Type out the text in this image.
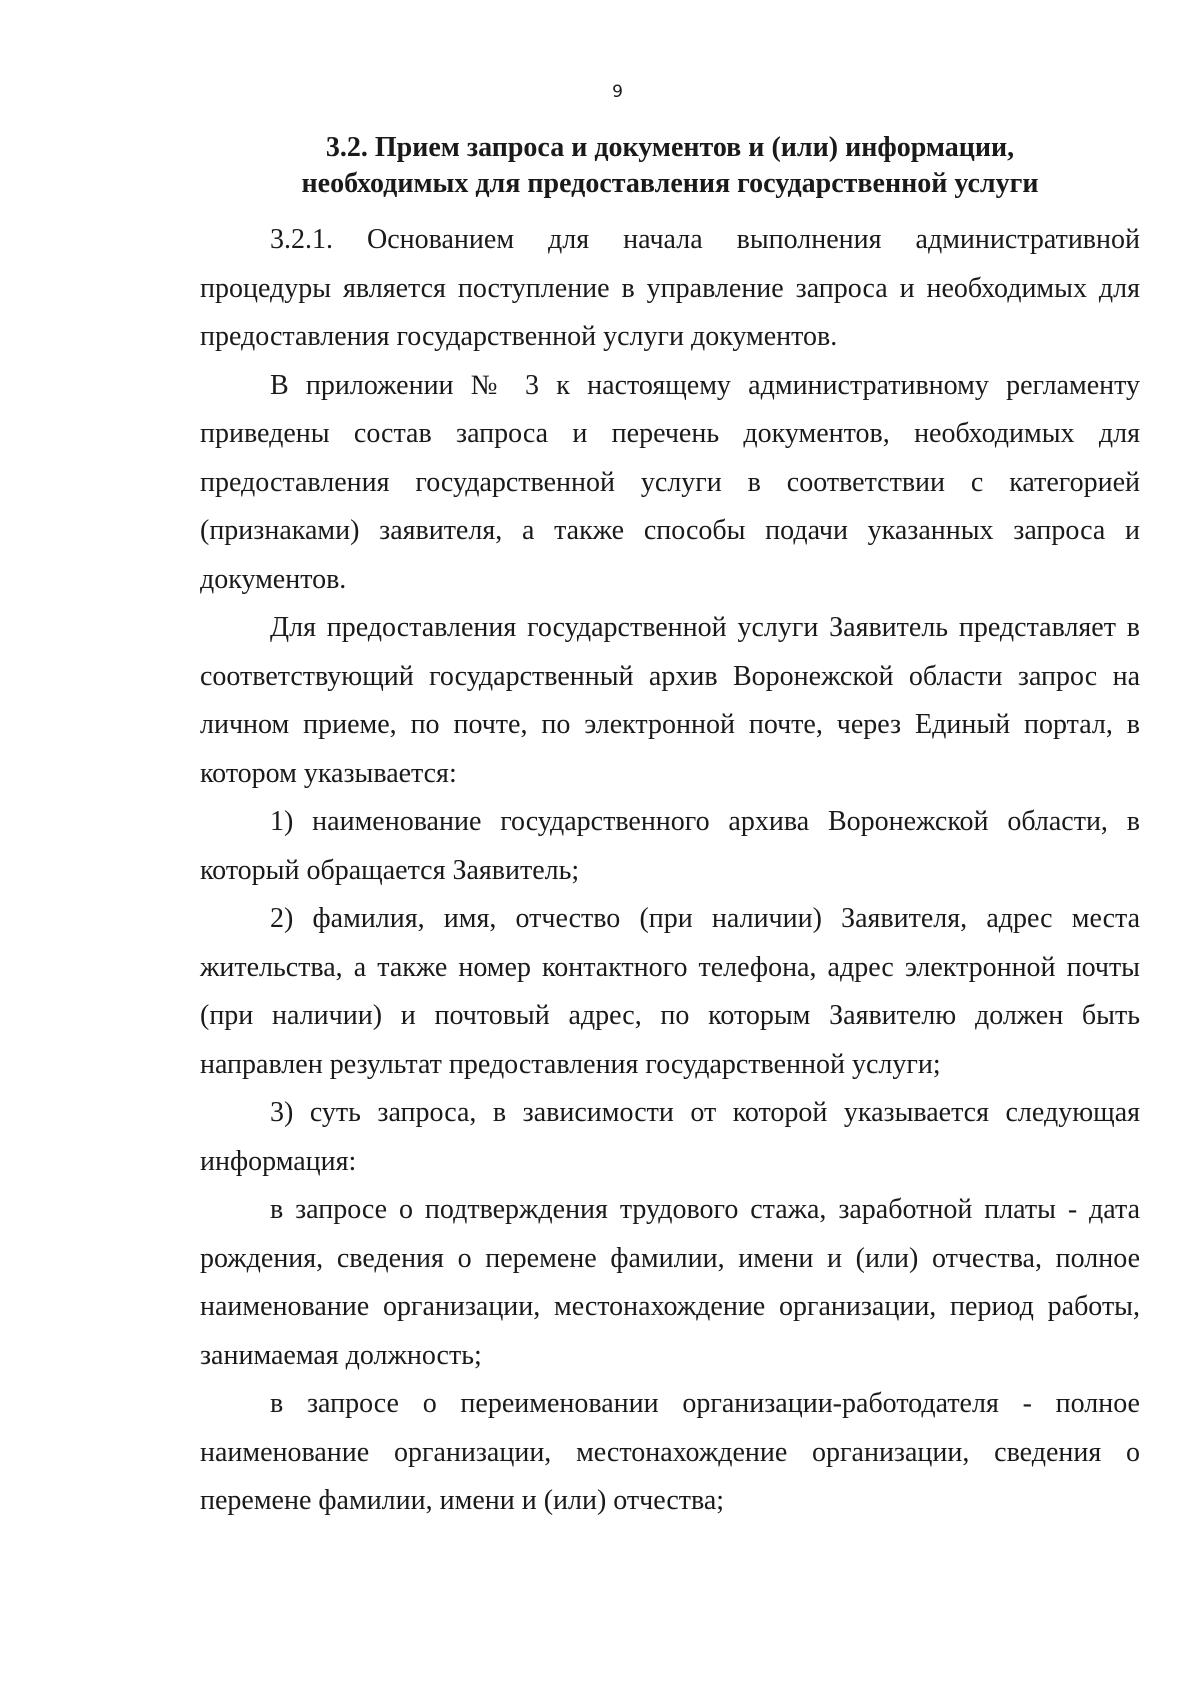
9
3.2. Прием запроса и документов и (или) информации,
необходимых для предоставления государственной услуги

3.2.1. Основанием для начала выполнения административной процедуры является поступление в управление запроса и необходимых для предоставления государственной услуги документов.

В приложении № 3 к настоящему административному регламенту приведены состав запроса и перечень документов, необходимых для предоставления государственной услуги в соответствии с категорией (признаками) заявителя, а также способы подачи указанных запроса и документов.

Для предоставления государственной услуги Заявитель представляет в соответствующий государственный архив Воронежской области запрос на личном приеме, по почте, по электронной почте, через Единый портал, в котором указывается:

1) наименование государственного архива Воронежской области, в который обращается Заявитель;

2) фамилия, имя, отчество (при наличии) Заявителя, адрес места жительства, а также номер контактного телефона, адрес электронной почты (при наличии) и почтовый адрес, по которым Заявителю должен быть направлен результат предоставления государственной услуги;

3) суть запроса, в зависимости от которой указывается следующая информация:

в запросе о подтверждения трудового стажа, заработной платы - дата рождения, сведения о перемене фамилии, имени и (или) отчества, полное наименование организации, местонахождение организации, период работы, занимаемая должность;

в запросе о переименовании организации-работодателя - полное наименование организации, местонахождение организации, сведения о перемене фамилии, имени и (или) отчества;
